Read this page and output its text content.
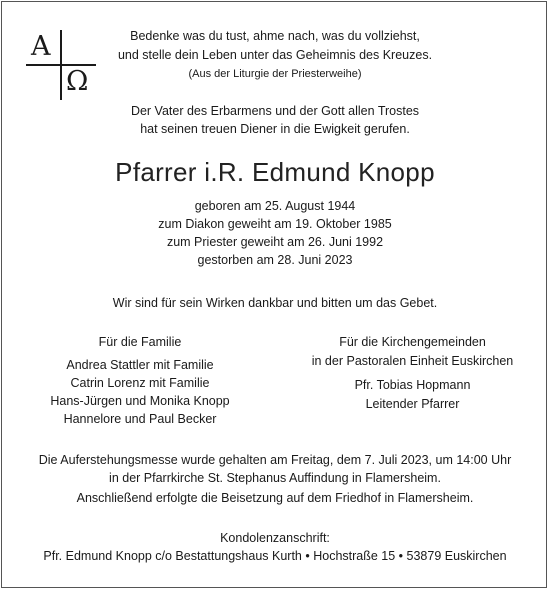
A
Ω
Bedenke was du tust, ahme nach, was du vollziehst,
und stelle dein Leben unter das Geheimnis des Kreuzes.
(Aus der Liturgie der Priesterweihe)
Der Vater des Erbarmens und der Gott allen Trostes
hat seinen treuen Diener in die Ewigkeit gerufen.
Pfarrer i.R. Edmund Knopp
geboren am 25. August 1944
zum Diakon geweiht am 19. Oktober 1985
zum Priester geweiht am 26. Juni 1992
gestorben am 28. Juni 2023
Wir sind für sein Wirken dankbar und bitten um das Gebet.
Für die Familie
Andrea Stattler mit Familie
Catrin Lorenz mit Familie
Hans-Jürgen und Monika Knopp
Hannelore und Paul Becker
Für die Kirchengemeinden
in der Pastoralen Einheit Euskirchen
Pfr. Tobias Hopmann
Leitender Pfarrer
Die Auferstehungsmesse wurde gehalten am Freitag, dem 7. Juli 2023, um 14:00 Uhr
in der Pfarrkirche St. Stephanus Auffindung in Flamersheim.
Anschließend erfolgte die Beisetzung auf dem Friedhof in Flamersheim.
Kondolenzanschrift:
Pfr. Edmund Knopp c/o Bestattungshaus Kurth • Hochstraße 15 • 53879 Euskirchen
